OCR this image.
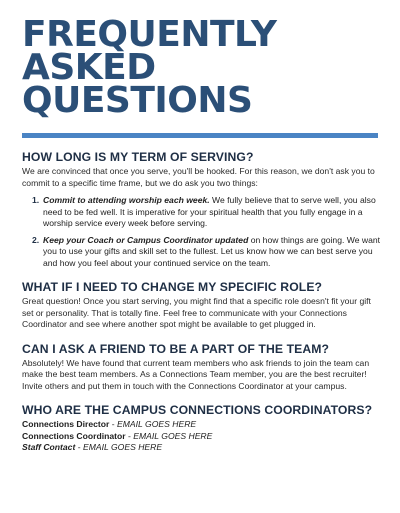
FREQUENTLY
ASKED
QUESTIONS
HOW LONG IS MY TERM OF SERVING?

We are convinced that once you serve, you'll be hooked. For this reason, we don't ask you to commit to a specific time frame, but we do ask you two things:

1. Commit to attending worship each week. We fully believe that to serve well, you also need to be fed well. It is imperative for your spiritual health that you fully engage in a worship service every week before serving.
2. Keep your Coach or Campus Coordinator updated on how things are going. We want you to use your gifts and skill set to the fullest. Let us know how we can best serve you and how you feel about your continued service on the team.
WHAT IF I NEED TO CHANGE MY SPECIFIC ROLE?

Great question! Once you start serving, you might find that a specific role doesn't fit your gift set or personality. That is totally fine. Feel free to communicate with your Connections Coordinator and see where another spot might be available to get plugged in.

CAN I ASK A FRIEND TO BE A PART OF THE TEAM?

Absolutely! We have found that current team members who ask friends to join the team can make the best team members. As a Connections Team member, you are the best recruiter! Invite others and put them in touch with the Connections Coordinator at your campus.

WHO ARE THE CAMPUS CONNECTIONS COORDINATORS?
Connections Director - EMAIL GOES HERE
Connections Coordinator - EMAIL GOES HERE
Staff Contact - EMAIL GOES HERE
